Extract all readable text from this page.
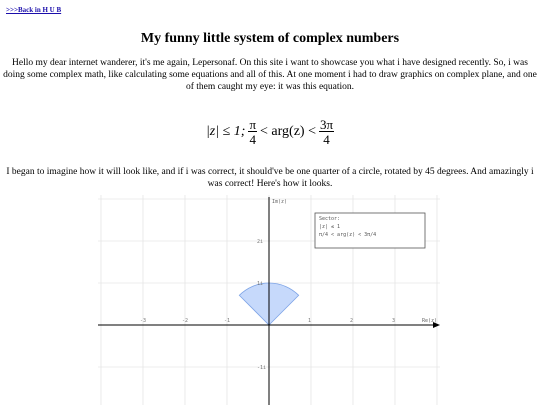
>>>Back in H U B
My funny little system of complex numbers

Hello my dear internet wanderer, it's me again, Lepersonaf. On this site i want to showcase you what i have designed recently. So, i was doing some complex math, like calculating some equations and all of this. At one moment i had to draw graphics on complex plane, and one of them caught my eye: it was this equation.

|z| ≤ 1; $\frac{\pi}{4} < arg(z) < \frac{3\pi}{4}$

I began to imagine how it will look like, and if i was correct, it should've be one quarter of a circle, rotated by 45 degrees. And amazingly i was correct! Here's how it looks.

Re(z)
Im(z)
-3	-2	-1	1	2	3
2i
1i
-1i
Sector:
|z| ≤ 1
π/4 < arg(z) < 3π/4
